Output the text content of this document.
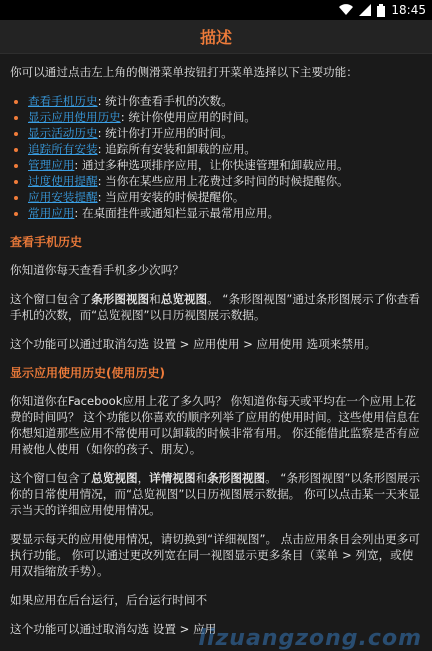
18:45
描述

你可以通过点击左上角的侧滑菜单按钮打开菜单选择以下主要功能：

• 查看手机历史: 统计你查看手机的次数。
• 显示应用使用历史: 统计你使用应用的时间。
• 显示活动历史: 统计你打开应用的时间。
• 追踪所有安装: 追踪所有安装和卸载的应用。
• 管理应用: 通过多种选项排序应用，让你快速管理和卸载应用。
• 过度使用提醒: 当你在某些应用上花费过多时间的时候提醒你。
• 应用安装提醒: 当应用安装的时候提醒你。
• 常用应用: 在桌面挂件或通知栏显示最常用应用。
查看手机历史

你知道你每天查看手机多少次吗？

这个窗口包含了条形图视图和总览视图。 “条形图视图”通过条形图展示了你查看手机的次数，而“总览视图”以日历视图展示数据。

这个功能可以通过取消勾选 设置 > 应用使用 > 应用使用 选项来禁用。

显示应用使用历史(使用历史)

你知道你在Facebook应用上花了多久吗？ 你知道你每天或平均在一个应用上花费的时间吗？ 这个功能以你喜欢的顺序列举了应用的使用时间。这些使用信息在你想知道那些应用不常使用可以卸载的时候非常有用。 你还能借此监察是否有应用被他人使用（如你的孩子、朋友）。

这个窗口包含了总览视图，详情视图和条形图视图。 “条形图视图”以条形图展示你的日常使用情况，而“总览视图”以日历视图展示数据。 你可以点击某一天来显示当天的详细应用使用情况。

要显示每天的应用使用情况，请切换到“详细视图”。 点击应用条目会列出更多可执行功能。 你可以通过更改列宽在同一视图显示更多条目（菜单 > 列宽，或使用双指缩放手势）。

如果应用在后台运行，后台运行时间不

这个功能可以通过取消勾选 设置 > 应用

lizuangzong.com
